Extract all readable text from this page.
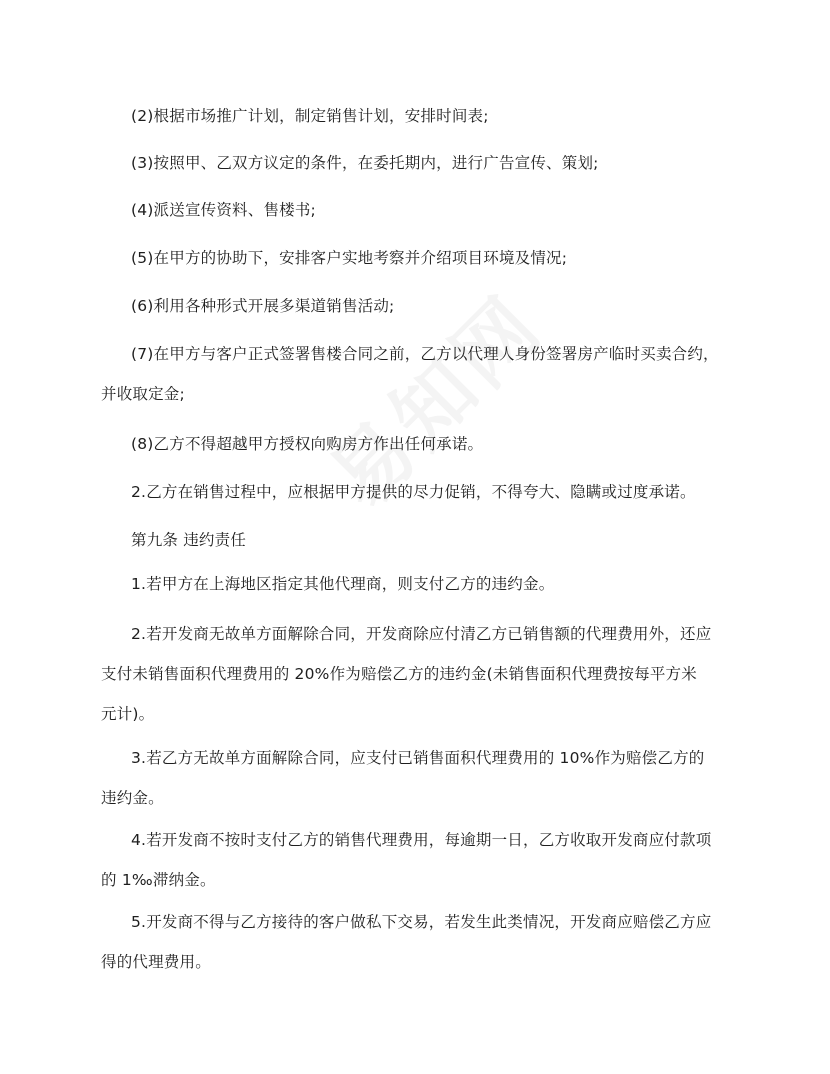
(2)根据市场推广计划，制定销售计划，安排时间表;

(3)按照甲、乙双方议定的条件，在委托期内，进行广告宣传、策划;

(4)派送宣传资料、售楼书;

(5)在甲方的协助下，安排客户实地考察并介绍项目环境及情况;

(6)利用各种形式开展多渠道销售活动;

(7)在甲方与客户正式签署售楼合同之前，乙方以代理人身份签署房产临时买卖合约，
并收取定金;

(8)乙方不得超越甲方授权向购房方作出任何承诺。

2.乙方在销售过程中，应根据甲方提供的尽力促销，不得夸大、隐瞒或过度承诺。

第九条 违约责任

1.若甲方在上海地区指定其他代理商，则支付乙方的违约金。

2.若开发商无故单方面解除合同，开发商除应付清乙方已销售额的代理费用外，还应
支付未销售面积代理费用的 20%作为赔偿乙方的违约金(未销售面积代理费按每平方米
元计)。

3.若乙方无故单方面解除合同，应支付已销售面积代理费用的 10%作为赔偿乙方的
违约金。

4.若开发商不按时支付乙方的销售代理费用，每逾期一日，乙方收取开发商应付款项
的 1‰滞纳金。

5.开发商不得与乙方接待的客户做私下交易，若发生此类情况，开发商应赔偿乙方应
得的代理费用。
